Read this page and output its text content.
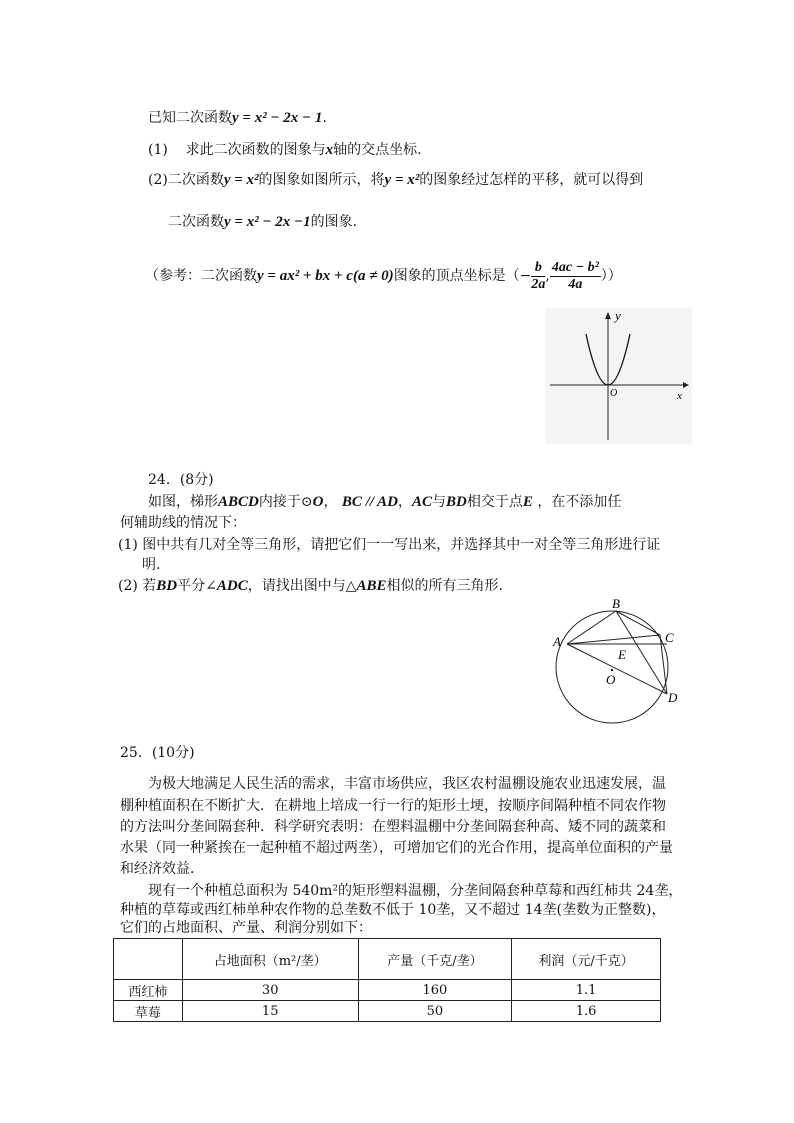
已知二次函数y = x² − 2x − 1.
(1) 求此二次函数的图象与x轴的交点坐标.
(2)二次函数y = x²的图象如图所示，将y = x²的图象经过怎样的平移，就可以得到
二次函数y = x² − 2x −1的图象.
（参考：二次函数y = ax² + bx + c(a ≠ 0)图象的顶点坐标是（− $\frac{b}{2a}$ , $\frac{\text{4ac − b²}}{4a}$ ））
y
O	x
24．(8分)
如图，梯形ABCD内接于⊙O， BC // AD，AC与BD相交于点E ，在不添加任
何辅助线的情况下：
(1) 图中共有几对全等三角形，请把它们一一写出来，并选择其中一对全等三角形进行证
明.
(2) 若BD平分∠ADC，请找出图中与△ABE相似的所有三角形.
A
B
C
D
E
O
25．(10分)
为极大地满足人民生活的需求，丰富市场供应，我区农村温棚设施农业迅速发展，温
棚种植面积在不断扩大．在耕地上培成一行一行的矩形土埂，按顺序间隔种植不同农作物
的方法叫分垄间隔套种．科学研究表明：在塑料温棚中分垄间隔套种高、矮不同的蔬菜和
水果（同一种紧挨在一起种植不超过两垄），可增加它们的光合作用，提高单位面积的产量
和经济效益．
现有一个种植总面积为 540m²的矩形塑料温棚，分垄间隔套种草莓和西红柿共 24垄，
种植的草莓或西红柿单种农作物的总垄数不低于 10垄，又不超过 14垄(垄数为正整数)，
它们的占地面积、产量、利润分别如下：
	占地面积（m²/垄）	产量（千克/垄）	利润（元/千克）
西红柿	30	160	1.1
草莓	15	50	1.6
